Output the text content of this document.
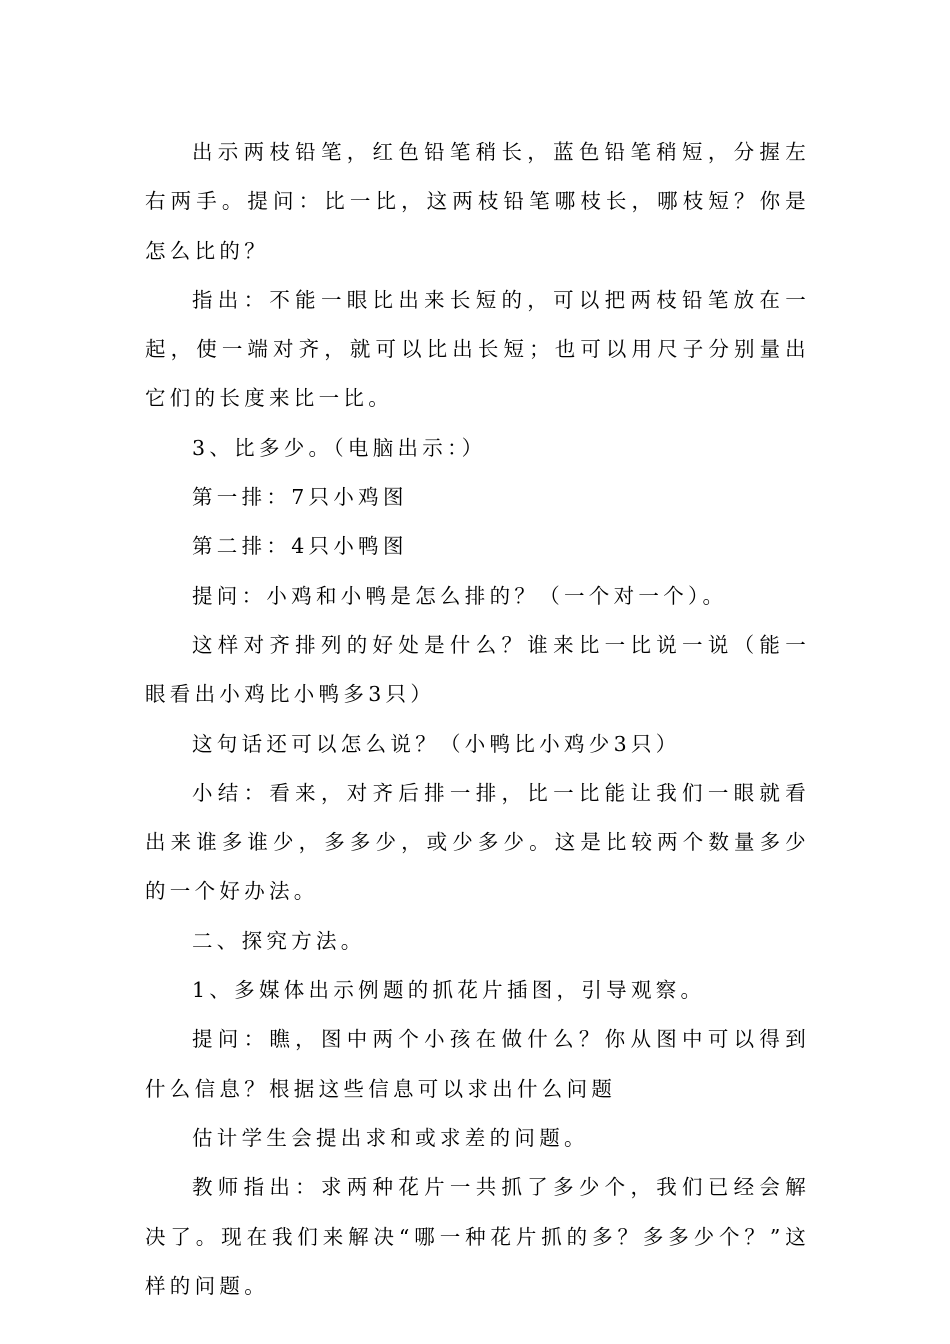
出示两枝铅笔，红色铅笔稍长，蓝色铅笔稍短，分握左右两手。提问：比一比，这两枝铅笔哪枝长，哪枝短？你是怎么比的？

指出：不能一眼比出来长短的，可以把两枝铅笔放在一起，使一端对齐，就可以比出长短；也可以用尺子分别量出它们的长度来比一比。

3、比多少。（电脑出示：）

第一排：7只小鸡图

第二排：4只小鸭图

提问：小鸡和小鸭是怎么排的？（一个对一个）。

这样对齐排列的好处是什么？谁来比一比说一说（能一眼看出小鸡比小鸭多3只）

这句话还可以怎么说？（小鸭比小鸡少3只）

小结：看来，对齐后排一排，比一比能让我们一眼就看出来谁多谁少，多多少，或少多少。这是比较两个数量多少的一个好办法。

二、探究方法。

1、多媒体出示例题的抓花片插图，引导观察。

提问：瞧，图中两个小孩在做什么？你从图中可以得到什么信息？根据这些信息可以求出什么问题

估计学生会提出求和或求差的问题。

教师指出：求两种花片一共抓了多少个，我们已经会解决了。现在我们来解决“哪一种花片抓的多？多多少个？”这样的问题。
